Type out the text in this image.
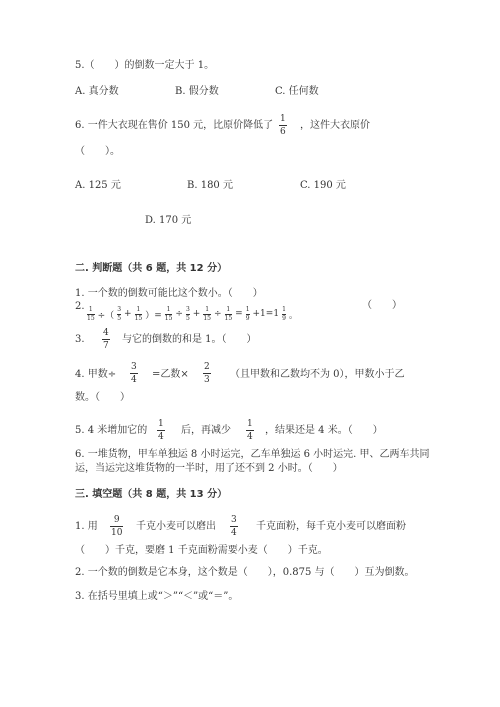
5.（　　）的倒数一定大于 1。
A. 真分数	B. 假分数	C. 任何数
6. 一件大衣现在售价 150 元，比原价降低了
1
6
，这件大衣原价
（　　）。
A. 125 元	B. 180 元	C. 190 元
D. 170 元
二. 判断题（共 6 题，共 12 分）
1. 一个数的倒数可能比这个数小。（　　）
2. 1
15 ÷（
3
5 + 1
15 ）=
1
15 ÷ 3
5 + 1
15 ÷ 1
15 = 1
9 +1=1 1
9 。
（　　）
3.
4
7
与它的倒数的和是 1。（　　）
4. 甲数÷
3
4 =乙数×
2
3 （且甲数和乙数均不为 0），甲数小于乙
数。（　　）
5. 4 米增加它的
1
4
后，再减少
1
4
，结果还是 4 米。（　　）
6. 一堆货物，甲车单独运 8 小时运完，乙车单独运 6 小时运完. 甲、乙两车共同
运，当运完这堆货物的一半时，用了还不到 2 小时。（　　）
三. 填空题（共 8 题，共 13 分）
1. 用
9
10
千克小麦可以磨出
3
4
千克面粉，每千克小麦可以磨面粉
（　　）千克，要磨 1 千克面粉需要小麦（　　）千克。
2. 一个数的倒数是它本身，这个数是（　　），0.875 与（　　）互为倒数。
3. 在括号里填上或“＞”“＜”或“＝”。
